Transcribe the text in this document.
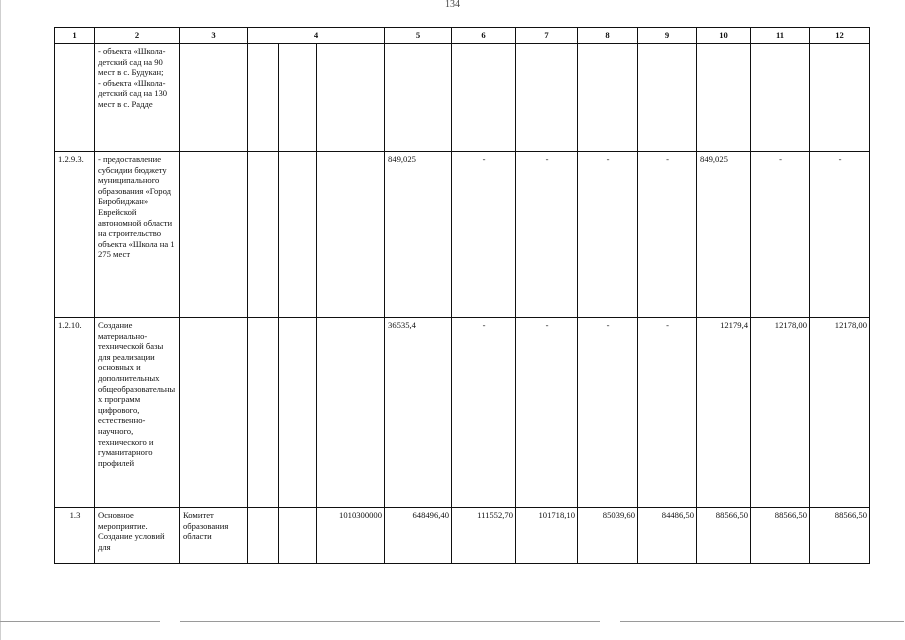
134
1	2	3	4			5	6	7	8	9	10	11	12
	- объекта «Школа-детский сад на 90 мест в с. Будукан;
- объекта «Школа-детский сад на 130 мест в с. Радде												
1.2.9.3.	- предоставление субсидии бюджету муниципального образования «Город Биробиджан» Еврейской автономной области на строительство объекта «Школа на 1 275 мест					849,025	-	-	-	-	849,025	-	-
1.2.10.	Создание материально-технической базы для реализации основных и дополнительных общеобразовательных программ цифрового, естественно-научного, технического и гуманитарного профилей					36535,4	-	-	-	-	12179,4	12178,00	12178,00
1.3	Основное мероприятие. Создание условий для	Комитет образования области			1010300000	648496,40	111552,70	101718,10	85039,60	84486,50	88566,50	88566,50	88566,50
